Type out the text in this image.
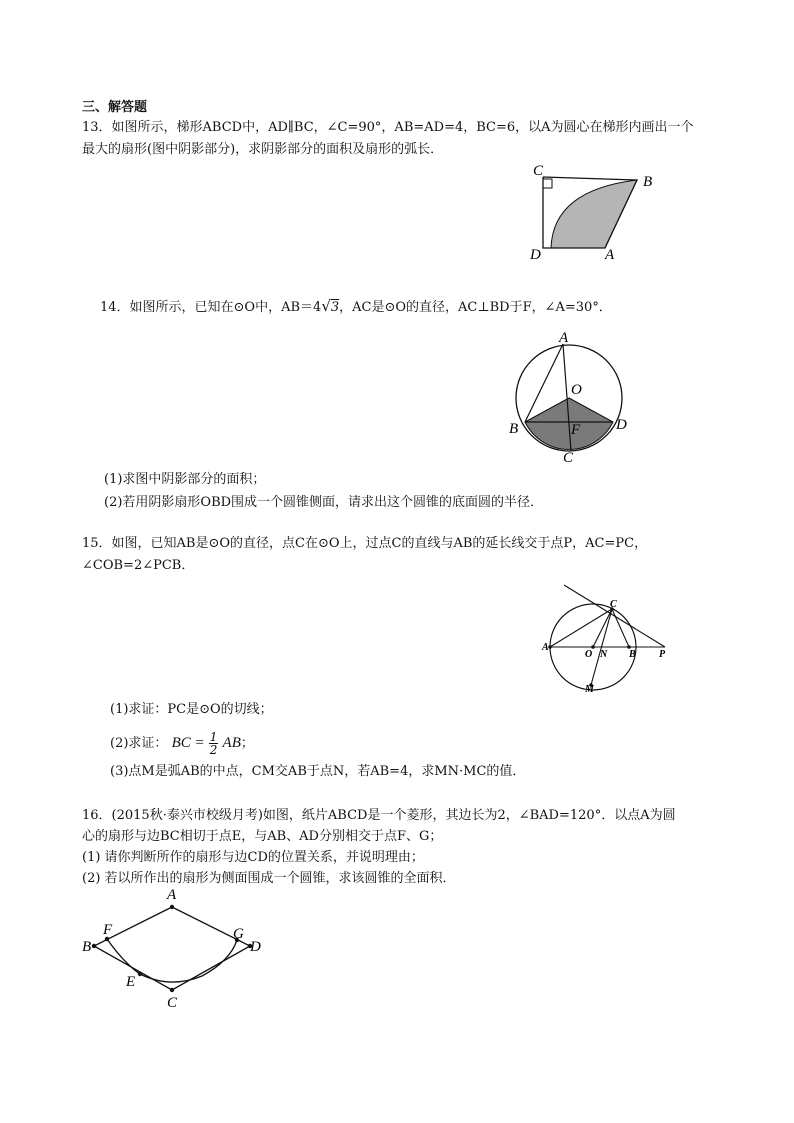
三、解答题
13．如图所示，梯形ABCD中，AD∥BC，∠C=90°，AB=AD=4，BC=6，以A为圆心在梯形内画出一个
最大的扇形(图中阴影部分)，求阴影部分的面积及扇形的弧长．
C
B
D	A
14．如图所示，已知在⊙O中，AB＝4√3，AC是⊙O的直径，AC⊥BD于F，∠A=30°．
A
O
B	F D
C
(1)求图中阴影部分的面积；
(2)若用阴影扇形OBD围成一个圆锥侧面，请求出这个圆锥的底面圆的半径．
15．如图，已知AB是⊙O的直径，点C在⊙O上，过点C的直线与AB的延长线交于点P，AC=PC，
∠COB=2∠PCB．
C
A
O N B P
M
(1)求证：PC是⊙O的切线；
(2)求证： BC = $\frac{1}{2}$ AB；
(3)点M是弧AB的中点，CM交AB于点N，若AB=4，求MN·MC的值．
16．(2015秋·泰兴市校级月考)如图，纸片ABCD是一个菱形，其边长为2，∠BAD=120°．以点A为圆
心的扇形与边BC相切于点E，与AB、AD分别相交于点F、G；
(1) 请你判断所作的扇形与边CD的位置关系，并说明理由；
(2) 若以所作出的扇形为侧面围成一个圆锥，求该圆锥的全面积．
A
F	G
B	D
E
C
